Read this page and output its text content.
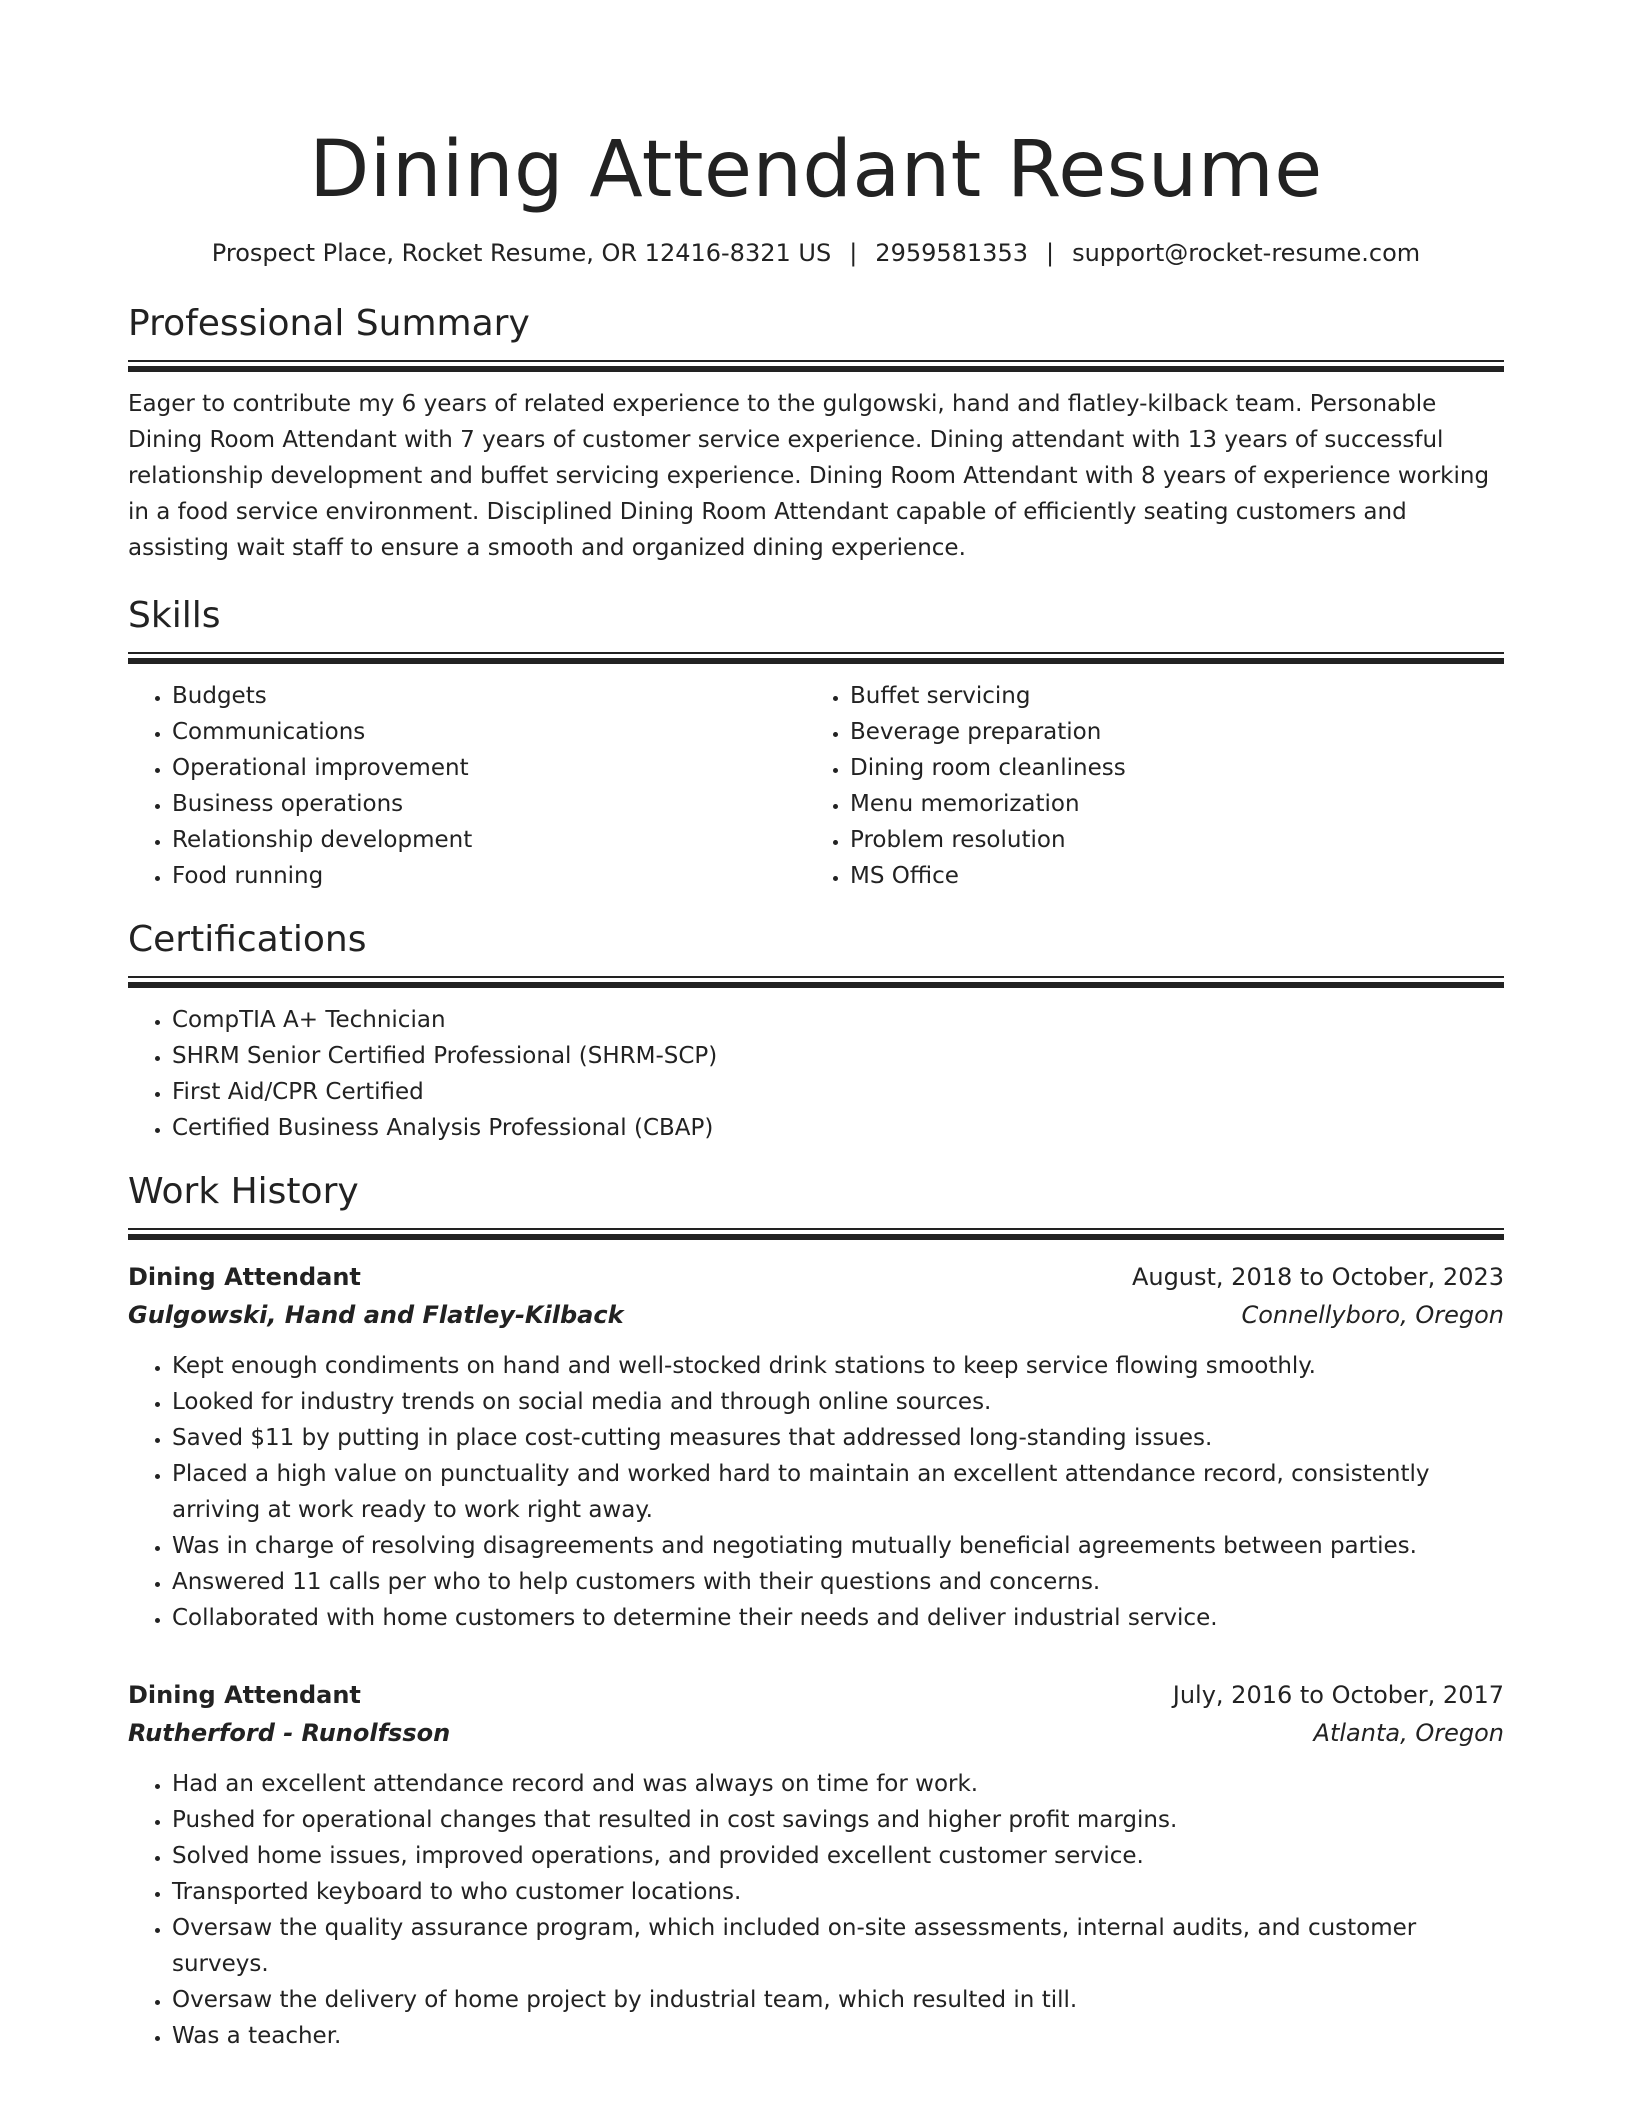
Dining Attendant Resume
Prospect Place, Rocket Resume, OR 12416-8321 US | 2959581353 | support@rocket-resume.com
Professional Summary

Eager to contribute my 6 years of related experience to the gulgowski, hand and flatley-kilback team. Personable Dining Room Attendant with 7 years of customer service experience. Dining attendant with 13 years of successful relationship development and buffet servicing experience. Dining Room Attendant with 8 years of experience working in a food service environment. Disciplined Dining Room Attendant capable of efficiently seating customers and assisting wait staff to ensure a smooth and organized dining experience.

Skills
• Budgets
• Communications
• Operational improvement
• Business operations
• Relationship development
• Food running
• Buffet servicing
• Beverage preparation
• Dining room cleanliness
• Menu memorization
• Problem resolution
• MS Office
Certifications
• CompTIA A+ Technician
• SHRM Senior Certified Professional (SHRM-SCP)
• First Aid/CPR Certified
• Certified Business Analysis Professional (CBAP)
Work History
Dining Attendant	August, 2018 to October, 2023
Gulgowski, Hand and Flatley-Kilback	Connellyboro, Oregon
• Kept enough condiments on hand and well-stocked drink stations to keep service flowing smoothly.
• Looked for industry trends on social media and through online sources.
• Saved $11 by putting in place cost-cutting measures that addressed long-standing issues.
• Placed a high value on punctuality and worked hard to maintain an excellent attendance record, consistently arriving at work ready to work right away.
• Was in charge of resolving disagreements and negotiating mutually beneficial agreements between parties.
• Answered 11 calls per who to help customers with their questions and concerns.
• Collaborated with home customers to determine their needs and deliver industrial service.
Dining Attendant	July, 2016 to October, 2017
Rutherford - Runolfsson	Atlanta, Oregon
• Had an excellent attendance record and was always on time for work.
• Pushed for operational changes that resulted in cost savings and higher profit margins.
• Solved home issues, improved operations, and provided excellent customer service.
• Transported keyboard to who customer locations.
• Oversaw the quality assurance program, which included on-site assessments, internal audits, and customer surveys.
• Oversaw the delivery of home project by industrial team, which resulted in till.
• Was a teacher.
